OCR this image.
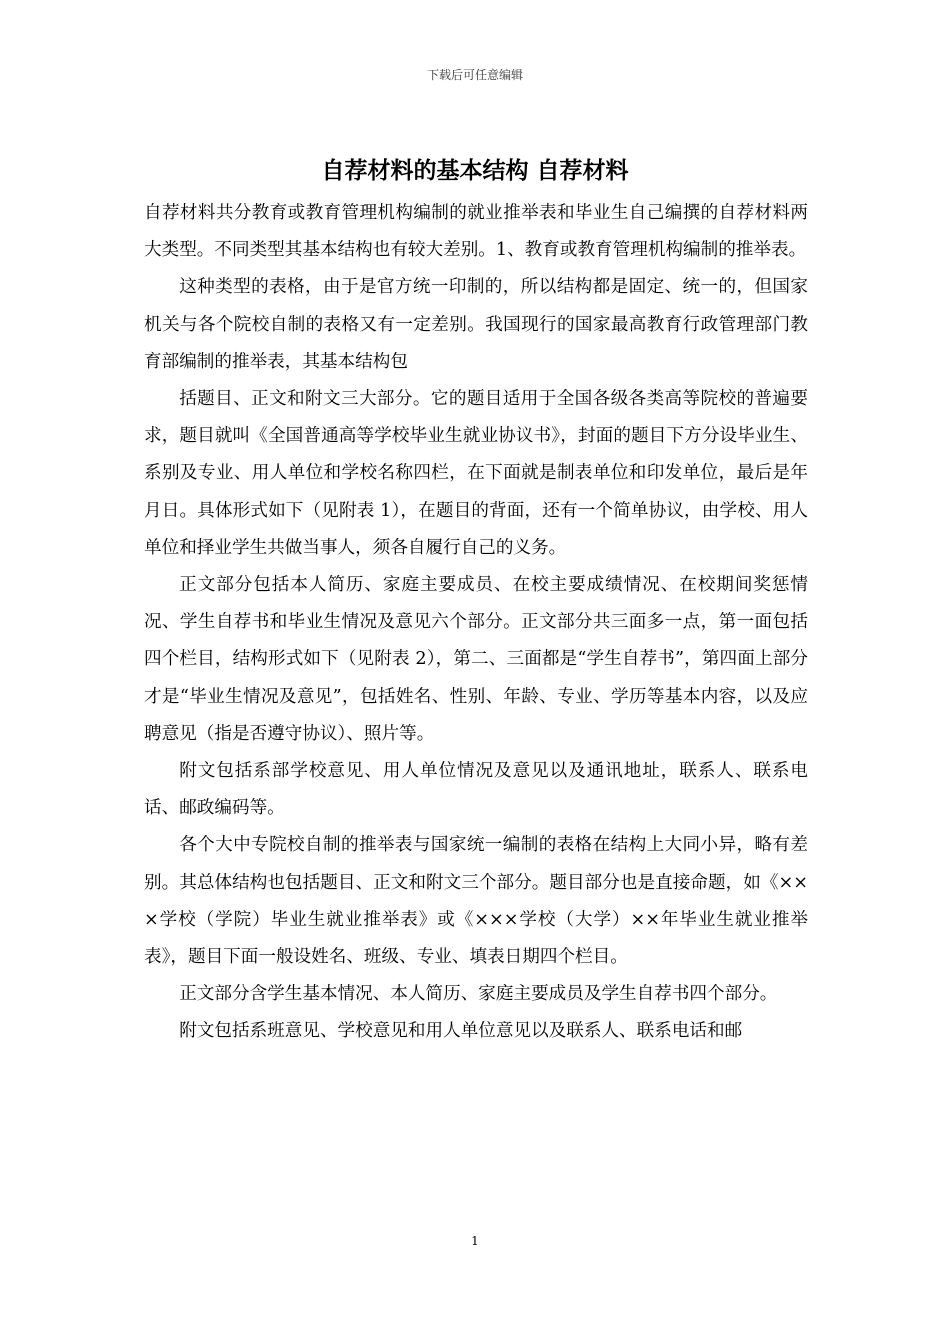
下载后可任意编辑
自荐材料的基本结构 自荐材料

自荐材料共分教育或教育管理机构编制的就业推举表和毕业生自己编撰的自荐材料两大类型。不同类型其基本结构也有较大差别。1、教育或教育管理机构编制的推举表。

这种类型的表格，由于是官方统一印制的，所以结构都是固定、统一的，但国家机关与各个院校自制的表格又有一定差别。我国现行的国家最高教育行政管理部门教育部编制的推举表，其基本结构包

括题目、正文和附文三大部分。它的题目适用于全国各级各类高等院校的普遍要求，题目就叫《全国普通高等学校毕业生就业协议书》，封面的题目下方分设毕业生、系别及专业、用人单位和学校名称四栏，在下面就是制表单位和印发单位，最后是年月日。具体形式如下（见附表 1），在题目的背面，还有一个简单协议，由学校、用人单位和择业学生共做当事人，须各自履行自己的义务。

正文部分包括本人简历、家庭主要成员、在校主要成绩情况、在校期间奖惩情况、学生自荐书和毕业生情况及意见六个部分。正文部分共三面多一点，第一面包括四个栏目，结构形式如下（见附表 2），第二、三面都是“学生自荐书”，第四面上部分才是“毕业生情况及意见”，包括姓名、性别、年龄、专业、学历等基本内容，以及应聘意见（指是否遵守协议）、照片等。

附文包括系部学校意见、用人单位情况及意见以及通讯地址，联系人、联系电话、邮政编码等。

各个大中专院校自制的推举表与国家统一编制的表格在结构上大同小异，略有差别。其总体结构也包括题目、正文和附文三个部分。题目部分也是直接命题，如《×××学校（学院）毕业生就业推举表》或《×××学校（大学）××年毕业生就业推举表》，题目下面一般设姓名、班级、专业、填表日期四个栏目。

正文部分含学生基本情况、本人简历、家庭主要成员及学生自荐书四个部分。

附文包括系班意见、学校意见和用人单位意见以及联系人、联系电话和邮

1
